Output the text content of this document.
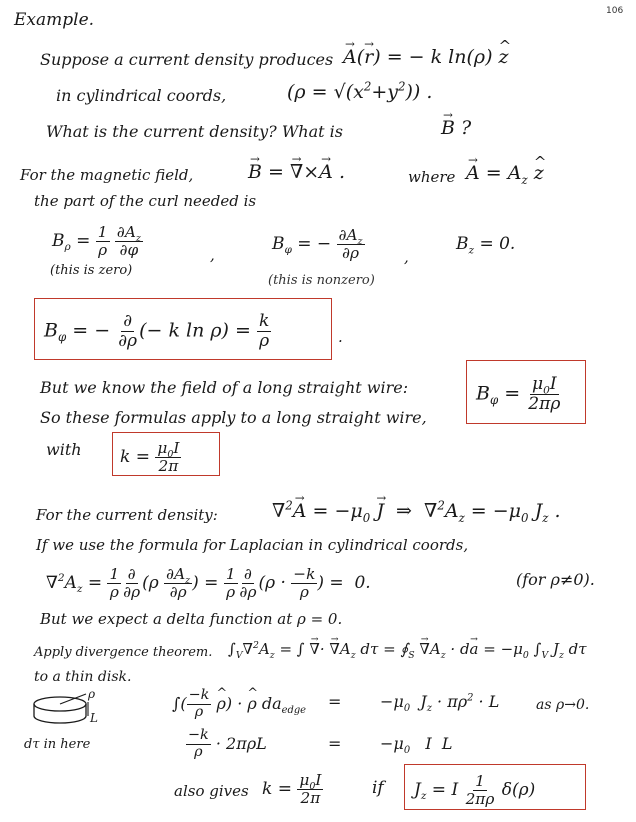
106
Example.
Suppose a current density produces → A(→ r) = − k ln(ρ) ^ z
in cylindrical coords,	$(\rho = √(x^2+y^2))$ .
What is the current density? What is	→ B ?
For the magnetic field,	→ B = → ∇×→ A .	where → $A = A_z$ ^ z
the part of the curl needed is
$B_\rho = \frac{1}{\rho}$
$\frac{\partial A_z}{\partial\varphi}$	,
$B_\varphi$ = − $\frac{\partial A_z}{\partial\rho}$	,
$B_z = 0$.
(this is zero)
(this is nonzero)
$B_\varphi$ = − ∂
∂ρ (− k $\ln \rho) = \frac{k}{\rho}$	.
But we know the field of a long straight wire:	$B_\varphi = \frac{\mu_0I}{2\pi\rho}$
So these formulas apply to a long straight wire,
with $k = \frac{\mu_0I}{2\pi}$
For the current density:	$\nabla^2\to A = -\mu_0 \to J$  ⇒  $\nabla^2A_z = -\mu_0$ $J_z$ .
If we use the formula for Laplacian in cylindrical coords,
$\nabla^2A_z = \frac{1}{\rho}$ ∂
∂ρ ($\rho \frac{\partial A_z}{\partial\rho}$ ) = $\frac{1}{\rho}$ ∂
∂ρ ($\rho \cdot \frac{-k}{\rho}$ ) =  0.	(for ρ≠0).
But we expect a delta function at ρ = 0.
Apply divergence theorem. $\int_V\nabla^2A_z$ = ∫ → ∇· → $\nabla A_z$ $d\tau = ∮_S \to \nabla A_z \cdot d\to a = -\mu_0$ $\int_V$ $J_z$ dτ
to a thin disk.
ρ
L
dτ in here
∫( $\frac{-k}{\rho}$ ^ ρ) · ^ ρ $da_{edge} = -\mu_0$  $J_z \cdot \pi\rho^2 \cdot L$	as ρ→0.
$\frac{-k}{\rho} \cdot 2\pi\rho L$	= $-\mu_0$   I  L
also gives $k = \frac{\mu_0I}{2\pi}$	if $J_z = I \frac{1}{2\pi\rho} \delta(\rho)$
